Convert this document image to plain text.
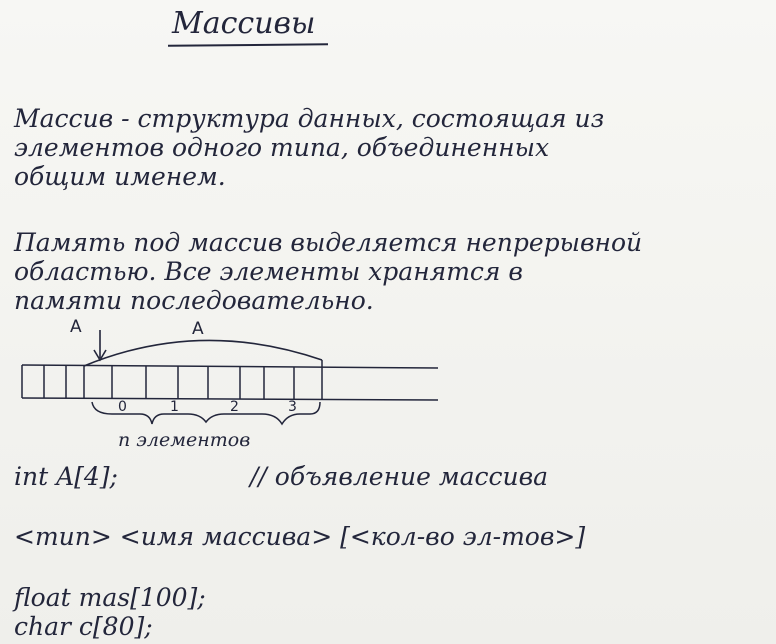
Массивы
Массив - структура данных, состоящая из
элементов одного типа, объединенных
общим именем.
Память под массив выделяется непрерывной
областью. Все элементы хранятся в
памяти последовательно.
A	A
0	1	2	3
n элементов
int A[4];	// объявление массива
<тип> <имя массива> [<кол-во эл-тов>]
float mas[100];
char c[80];
